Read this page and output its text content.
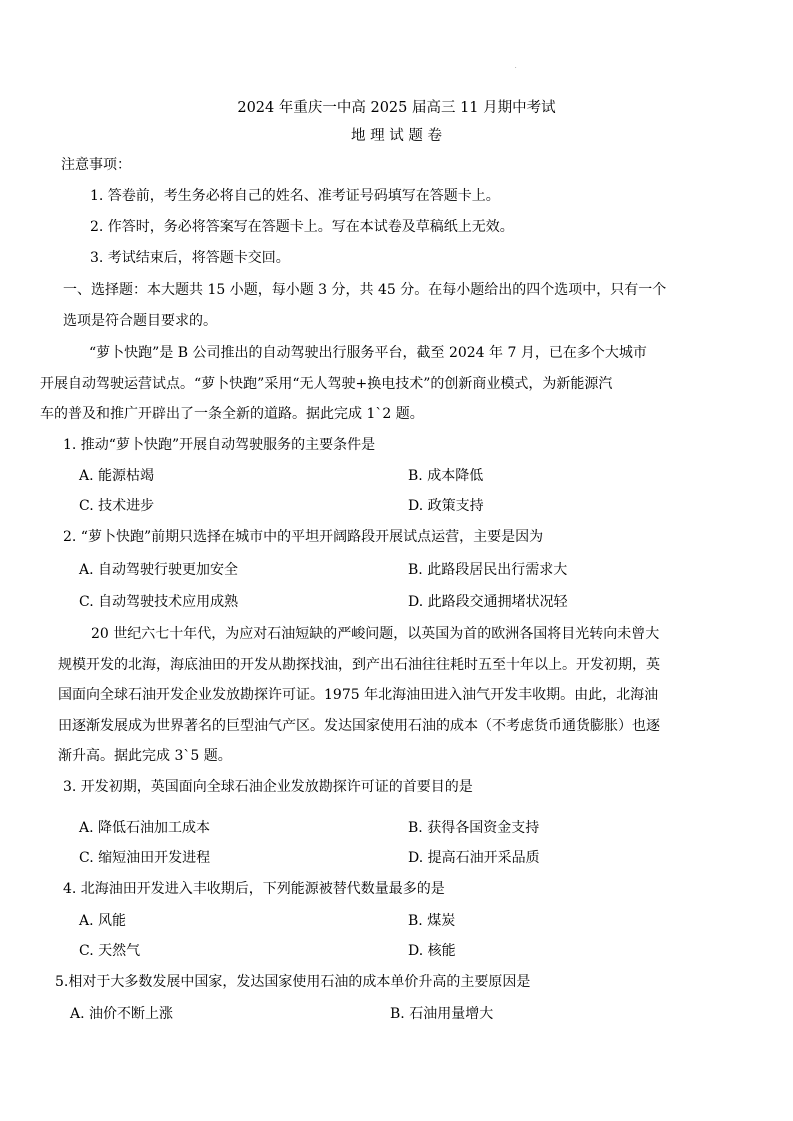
·
2024 年重庆一中高 2025 届高三 11 月期中考试
地 理 试 题 卷
注意事项：
1. 答卷前，考生务必将自己的姓名、准考证号码填写在答题卡上。
2. 作答时，务必将答案写在答题卡上。写在本试卷及草稿纸上无效。
3. 考试结束后，将答题卡交回。
一、选择题：本大题共 15 小题，每小题 3 分，共 45 分。在每小题给出的四个选项中，只有一个
选项是符合题目要求的。
“萝卜快跑”是 B 公司推出的自动驾驶出行服务平台，截至 2024 年 7 月，已在多个大城市
开展自动驾驶运营试点。“萝卜快跑”采用“无人驾驶+换电技术”的创新商业模式，为新能源汽
车的普及和推广开辟出了一条全新的道路。据此完成 1`2 题。
1. 推动“萝卜快跑”开展自动驾驶服务的主要条件是
A. 能源枯竭	B. 成本降低
C. 技术进步	D. 政策支持
2. “萝卜快跑”前期只选择在城市中的平坦开阔路段开展试点运营，主要是因为
A. 自动驾驶行驶更加安全	B. 此路段居民出行需求大
C. 自动驾驶技术应用成熟	D. 此路段交通拥堵状况轻
20 世纪六七十年代，为应对石油短缺的严峻问题，以英国为首的欧洲各国将目光转向未曾大
规模开发的北海，海底油田的开发从勘探找油，到产出石油往往耗时五至十年以上。开发初期，英
国面向全球石油开发企业发放勘探许可证。1975 年北海油田进入油气开发丰收期。由此，北海油
田逐渐发展成为世界著名的巨型油气产区。发达国家使用石油的成本（不考虑货币通货膨胀）也逐
渐升高。据此完成 3`5 题。
3. 开发初期，英国面向全球石油企业发放勘探许可证的首要目的是
A. 降低石油加工成本	B. 获得各国资金支持
C. 缩短油田开发进程	D. 提高石油开采品质
4. 北海油田开发进入丰收期后，下列能源被替代数量最多的是
A. 风能	B. 煤炭
C. 天然气	D. 核能
5.相对于大多数发展中国家，发达国家使用石油的成本单价升高的主要原因是
A. 油价不断上涨	B. 石油用量增大
